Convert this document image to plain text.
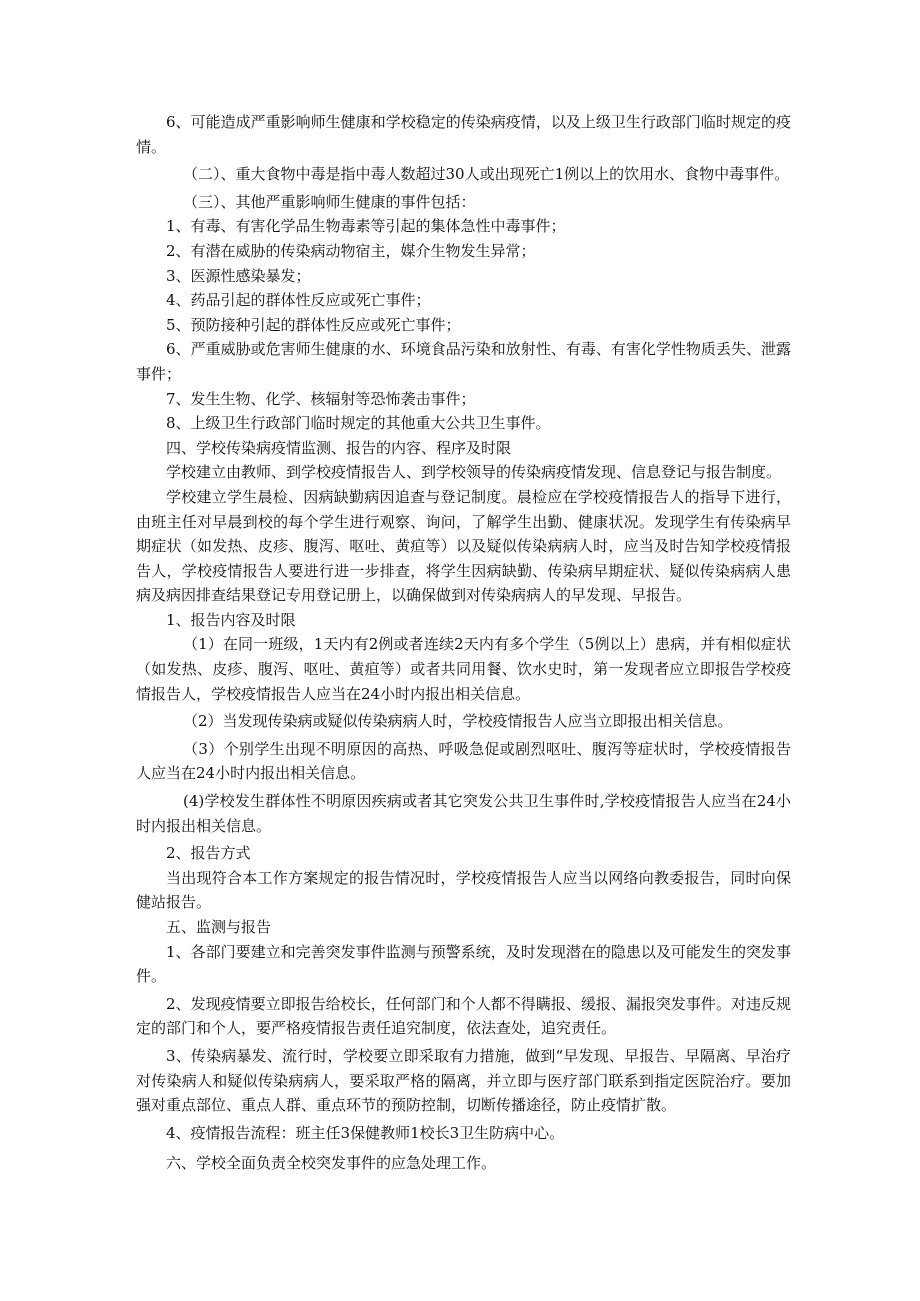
6、可能造成严重影响师生健康和学校稳定的传染病疫情，以及上级卫生行政部门临时规定的疫情。

（二）、重大食物中毒是指中毒人数超过30人或出现死亡1例以上的饮用水、食物中毒事件。

（三）、其他严重影响师生健康的事件包括：

1、有毒、有害化学品生物毒素等引起的集体急性中毒事件；

2、有潜在威胁的传染病动物宿主，媒介生物发生异常；

3、医源性感染暴发；

4、药品引起的群体性反应或死亡事件；

5、预防接种引起的群体性反应或死亡事件；

6、严重威胁或危害师生健康的水、环境食品污染和放射性、有毒、有害化学性物质丢失、泄露事件；

7、发生生物、化学、核辐射等恐怖袭击事件；

8、上级卫生行政部门临时规定的其他重大公共卫生事件。

四、学校传染病疫情监测、报告的内容、程序及时限

学校建立由教师、到学校疫情报告人、到学校领导的传染病疫情发现、信息登记与报告制度。

学校建立学生晨检、因病缺勤病因追查与登记制度。晨检应在学校疫情报告人的指导下进行，由班主任对早晨到校的每个学生进行观察、询问，了解学生出勤、健康状况。发现学生有传染病早期症状（如发热、皮疹、腹泻、呕吐、黄疸等）以及疑似传染病病人时，应当及时告知学校疫情报告人，学校疫情报告人要进行进一步排查，将学生因病缺勤、传染病早期症状、疑似传染病病人患病及病因排查结果登记专用登记册上，以确保做到对传染病病人的早发现、早报告。

1、报告内容及时限

（1）在同一班级，1天内有2例或者连续2天内有多个学生（5例以上）患病，并有相似症状（如发热、皮疹、腹泻、呕吐、黄疸等）或者共同用餐、饮水史时，第一发现者应立即报告学校疫情报告人，学校疫情报告人应当在24小时内报出相关信息。

（2）当发现传染病或疑似传染病病人时，学校疫情报告人应当立即报出相关信息。

（3）个别学生出现不明原因的高热、呼吸急促或剧烈呕吐、腹泻等症状时，学校疫情报告人应当在24小时内报出相关信息。

(4)学校发生群体性不明原因疾病或者其它突发公共卫生事件时,学校疫情报告人应当在24小时内报出相关信息。

2、报告方式

当出现符合本工作方案规定的报告情况时，学校疫情报告人应当以网络向教委报告，同时向保健站报告。

五、监测与报告

1、各部门要建立和完善突发事件监测与预警系统，及时发现潜在的隐患以及可能发生的突发事件。

2、发现疫情要立即报告给校长，任何部门和个人都不得瞒报、缓报、漏报突发事件。对违反规定的部门和个人，要严格疫情报告责任追究制度，依法查处，追究责任。

3、传染病暴发、流行时，学校要立即采取有力措施，做到“早发现、早报告、早隔离、早治疗对传染病人和疑似传染病病人，要采取严格的隔离，并立即与医疗部门联系到指定医院治疗。要加强对重点部位、重点人群、重点环节的预防控制，切断传播途径，防止疫情扩散。

4、疫情报告流程：班主任3保健教师1校长3卫生防病中心。

六、学校全面负责全校突发事件的应急处理工作。
